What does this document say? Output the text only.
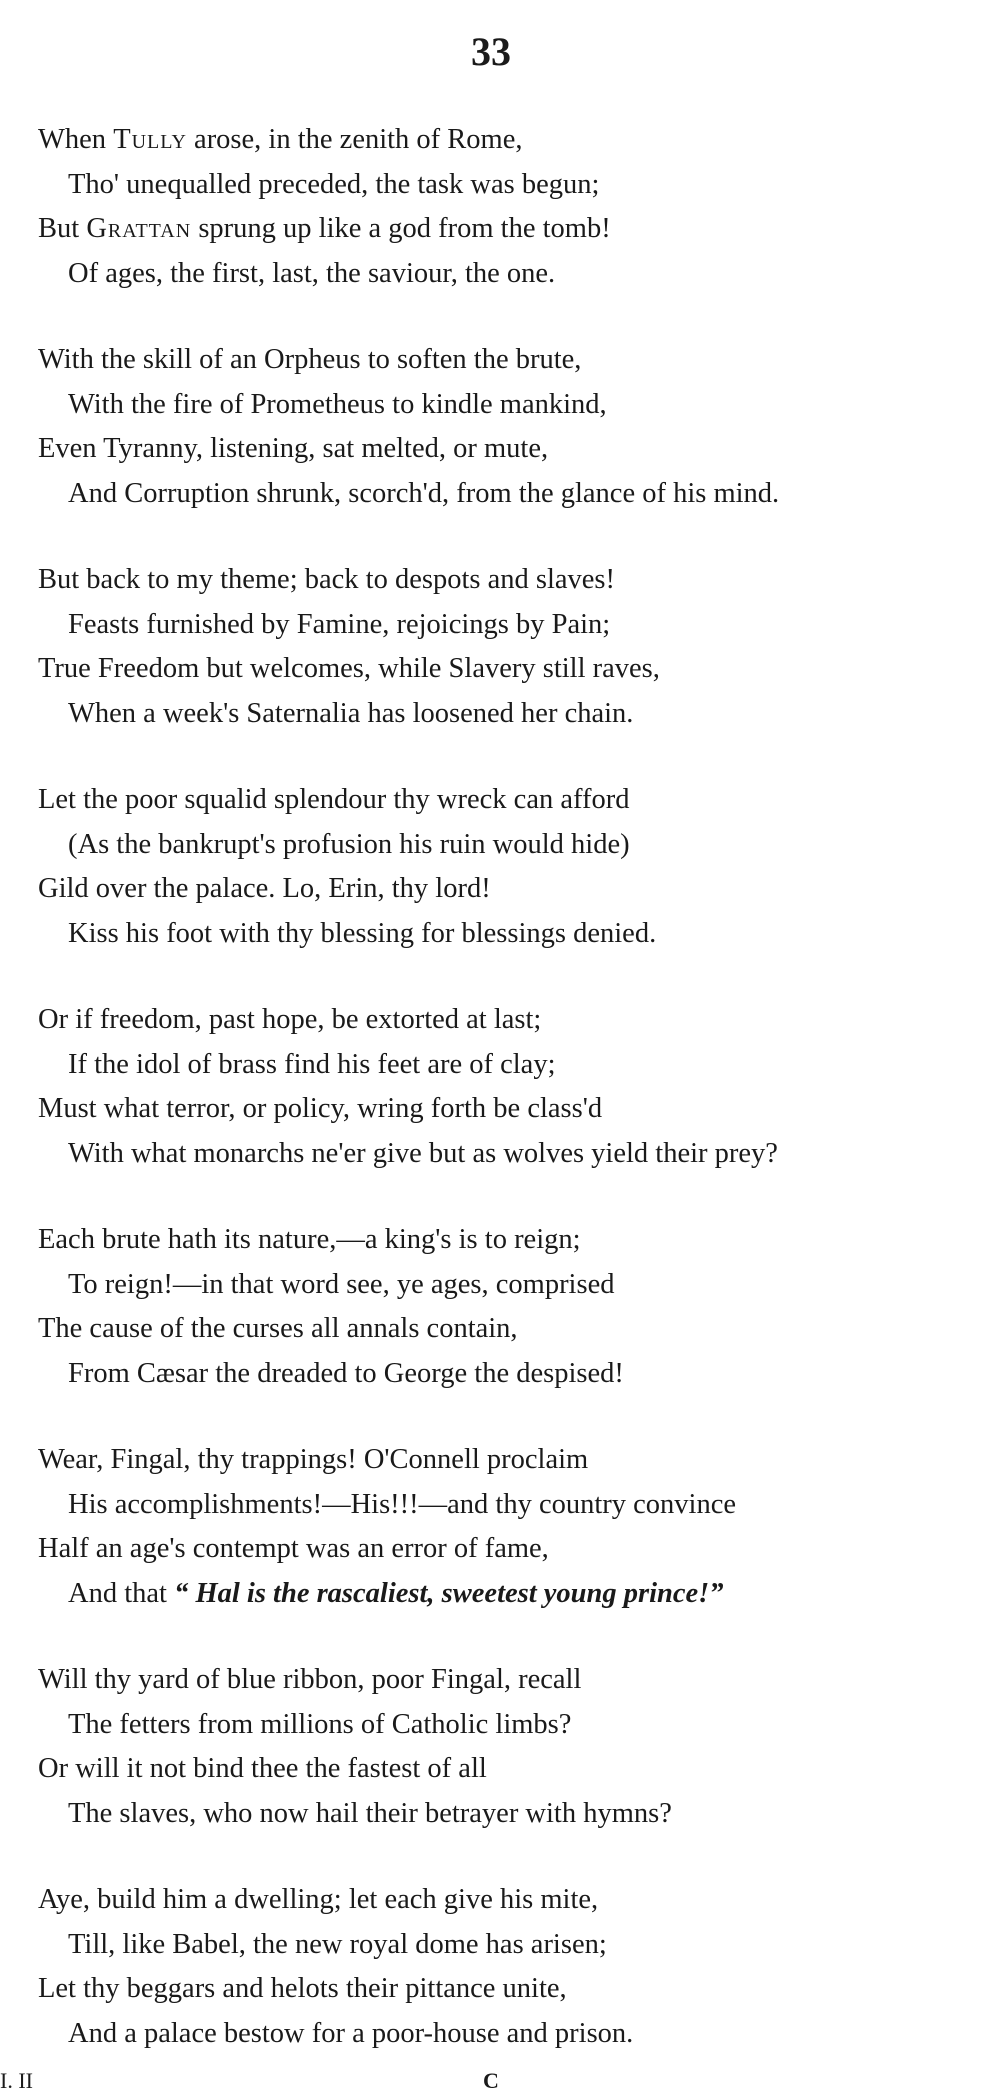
33
When Tully arose, in the zenith of Rome,
Tho' unequalled preceded, the task was begun;
But Grattan sprung up like a god from the tomb!
Of ages, the first, last, the saviour, the one.
With the skill of an Orpheus to soften the brute,
With the fire of Prometheus to kindle mankind,
Even Tyranny, listening, sat melted, or mute,
And Corruption shrunk, scorch'd, from the glance of his mind.
But back to my theme; back to despots and slaves!
Feasts furnished by Famine, rejoicings by Pain;
True Freedom but welcomes, while Slavery still raves,
When a week's Saternalia has loosened her chain.
Let the poor squalid splendour thy wreck can afford
(As the bankrupt's profusion his ruin would hide)
Gild over the palace. Lo, Erin, thy lord!
Kiss his foot with thy blessing for blessings denied.
Or if freedom, past hope, be extorted at last;
If the idol of brass find his feet are of clay;
Must what terror, or policy, wring forth be class'd
With what monarchs ne'er give but as wolves yield their prey?
Each brute hath its nature,—a king's is to reign;
To reign!—in that word see, ye ages, comprised
The cause of the curses all annals contain,
From Cæsar the dreaded to George the despised!
Wear, Fingal, thy trappings! O'Connell proclaim
His accomplishments!—His!!!—and thy country convince
Half an age's contempt was an error of fame,
And that “ Hal is the rascaliest, sweetest young prince!”
Will thy yard of blue ribbon, poor Fingal, recall
The fetters from millions of Catholic limbs?
Or will it not bind thee the fastest of all
The slaves, who now hail their betrayer with hymns?
Aye, build him a dwelling; let each give his mite,
Till, like Babel, the new royal dome has arisen;
Let thy beggars and helots their pittance unite,
And a palace bestow for a poor-house and prison.
I. II	C
